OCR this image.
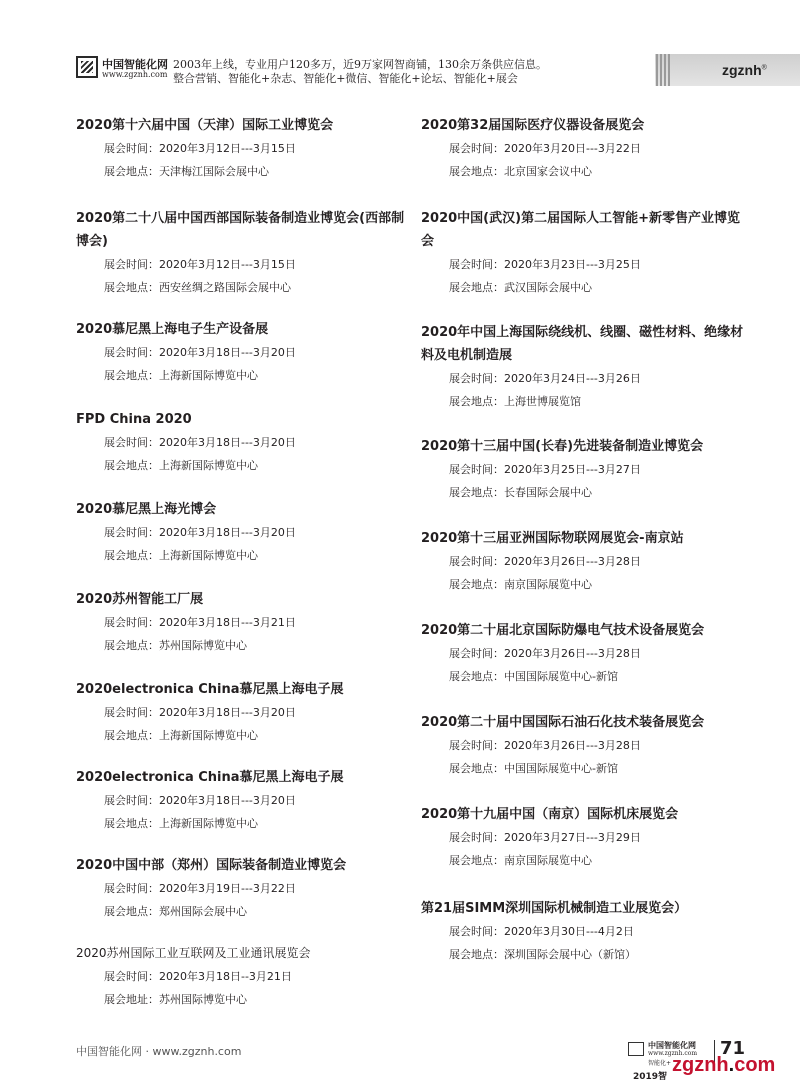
中国智能化网
www.zgznh.com
2003年上线，专业用户120多万，近9万家网智商铺，130余万条供应信息。
整合营销、智能化+杂志、智能化+微信、智能化+论坛、智能化+展会
zgznh®
2020第十六届中国（天津）国际工业博览会
展会时间：2020年3月12日---3月15日
展会地点：天津梅江国际会展中心
2020第二十八届中国西部国际装备制造业博览会(西部制博会)
展会时间：2020年3月12日---3月15日
展会地点：西安丝绸之路国际会展中心
2020慕尼黑上海电子生产设备展
展会时间：2020年3月18日---3月20日
展会地点：上海新国际博览中心
FPD China 2020
展会时间：2020年3月18日---3月20日
展会地点：上海新国际博览中心
2020慕尼黑上海光博会
展会时间：2020年3月18日---3月20日
展会地点：上海新国际博览中心
2020苏州智能工厂展
展会时间：2020年3月18日---3月21日
展会地点：苏州国际博览中心
2020electronica China慕尼黑上海电子展
展会时间：2020年3月18日---3月20日
展会地点：上海新国际博览中心
2020electronica China慕尼黑上海电子展
展会时间：2020年3月18日---3月20日
展会地点：上海新国际博览中心
2020中国中部（郑州）国际装备制造业博览会
展会时间：2020年3月19日---3月22日
展会地点：郑州国际会展中心
2020苏州国际工业互联网及工业通讯展览会
展会时间：2020年3月18日--3月21日
展会地址：苏州国际博览中心
2020第32届国际医疗仪器设备展览会
展会时间：2020年3月20日---3月22日
展会地点：北京国家会议中心
2020中国(武汉)第二届国际人工智能+新零售产业博览会
展会时间：2020年3月23日---3月25日
展会地点：武汉国际会展中心
2020年中国上海国际绕线机、线圈、磁性材料、绝缘材料及电机制造展
展会时间：2020年3月24日---3月26日
展会地点：上海世博展览馆
2020第十三届中国(长春)先进装备制造业博览会
展会时间：2020年3月25日---3月27日
展会地点：长春国际会展中心
2020第十三届亚洲国际物联网展览会-南京站
展会时间：2020年3月26日---3月28日
展会地点：南京国际展览中心
2020第二十届北京国际防爆电气技术设备展览会
展会时间：2020年3月26日---3月28日
展会地点：中国国际展览中心-新馆
2020第二十届中国国际石油石化技术装备展览会
展会时间：2020年3月26日---3月28日
展会地点：中国国际展览中心-新馆
2020第十九届中国（南京）国际机床展览会
展会时间：2020年3月27日---3月29日
展会地点：南京国际展览中心
第21届SIMM深圳国际机械制造工业展览会）
展会时间：2020年3月30日---4月2日
展会地点：深圳国际会展中心（新馆）
中国智能化网 · www.zgznh.com	中国智能化网
www.zgznh.com
智能化+
2019智
71
zgznh.com
